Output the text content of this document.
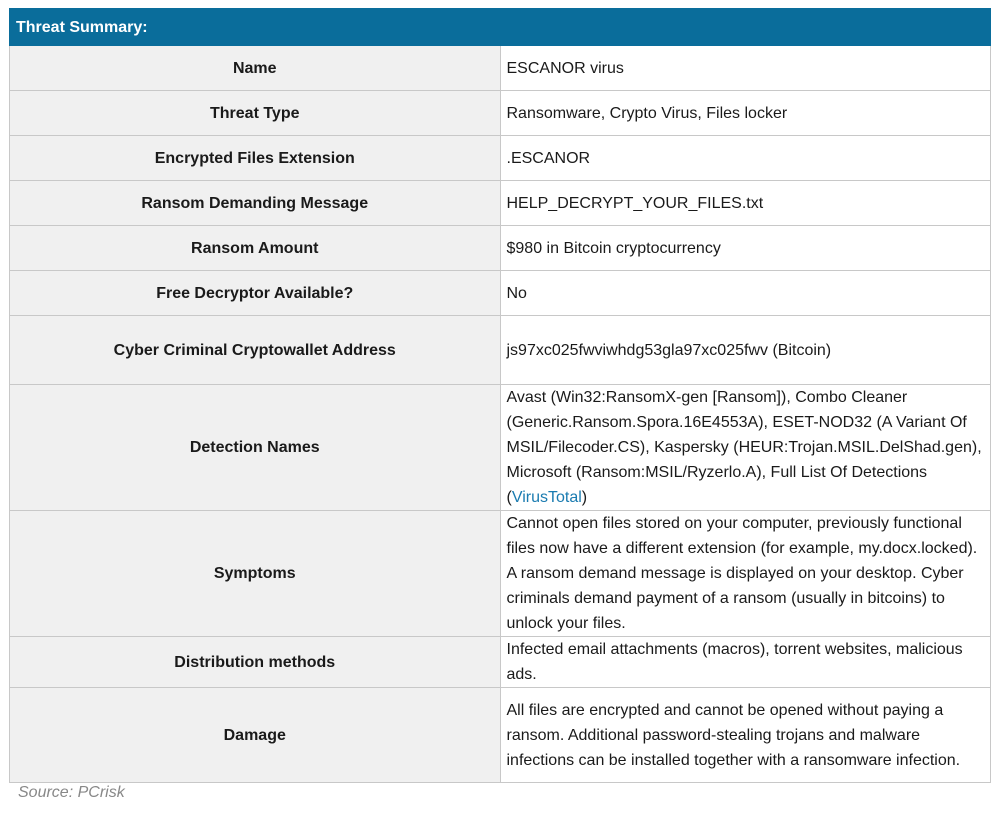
Threat Summary:	
Name	ESCANOR virus
Threat Type	Ransomware, Crypto Virus, Files locker
Encrypted Files Extension	.ESCANOR
Ransom Demanding Message	HELP_DECRYPT_YOUR_FILES.txt
Ransom Amount	$980 in Bitcoin cryptocurrency
Free Decryptor Available?	No
Cyber Criminal Cryptowallet Address	js97xc025fwviwhdg53gla97xc025fwv (Bitcoin)
Detection Names	Avast (Win32:RansomX-gen [Ransom]), Combo Cleaner (Generic.Ransom.Spora.16E4553A), ESET-NOD32 (A Variant Of MSIL/Filecoder.CS), Kaspersky (HEUR:Trojan.MSIL.DelShad.gen), Microsoft (Ransom:MSIL/Ryzerlo.A), Full List Of Detections (VirusTotal)
Symptoms	Cannot open files stored on your computer, previously functional files now have a different extension (for example, my.docx.locked). A ransom demand message is displayed on your desktop. Cyber criminals demand payment of a ransom (usually in bitcoins) to unlock your files.
Distribution methods	Infected email attachments (macros), torrent websites, malicious ads.
Damage	All files are encrypted and cannot be opened without paying a ransom. Additional password-stealing trojans and malware infections can be installed together with a ransomware infection.
Source: PCrisk
